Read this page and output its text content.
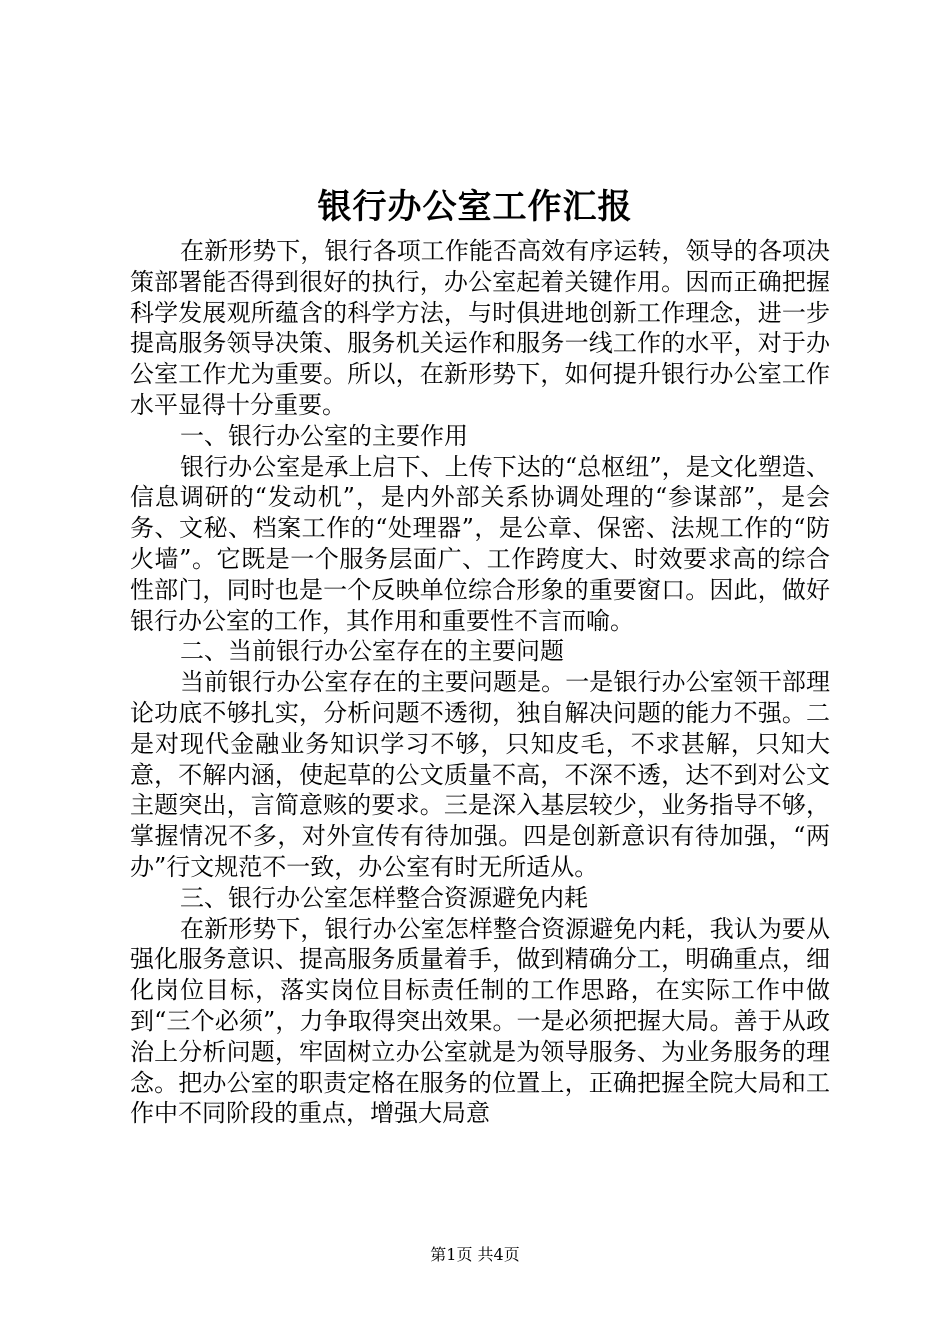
银行办公室工作汇报

在新形势下，银行各项工作能否高效有序运转，领导的各项决策部署能否得到很好的执行，办公室起着关键作用。因而正确把握科学发展观所蕴含的科学方法，与时俱进地创新工作理念，进一步提高服务领导决策、服务机关运作和服务一线工作的水平，对于办公室工作尤为重要。所以，在新形势下，如何提升银行办公室工作水平显得十分重要。

一、银行办公室的主要作用

银行办公室是承上启下、上传下达的“总枢纽”，是文化塑造、信息调研的“发动机”，是内外部关系协调处理的“参谋部”，是会务、文秘、档案工作的“处理器”，是公章、保密、法规工作的“防火墙”。它既是一个服务层面广、工作跨度大、时效要求高的综合性部门，同时也是一个反映单位综合形象的重要窗口。因此，做好银行办公室的工作，其作用和重要性不言而喻。

二、当前银行办公室存在的主要问题

当前银行办公室存在的主要问题是。一是银行办公室领干部理论功底不够扎实，分析问题不透彻，独自解决问题的能力不强。二是对现代金融业务知识学习不够，只知皮毛，不求甚解，只知大意，不解内涵，使起草的公文质量不高，不深不透，达不到对公文主题突出，言简意赅的要求。三是深入基层较少，业务指导不够，掌握情况不多，对外宣传有待加强。四是创新意识有待加强，“两办”行文规范不一致，办公室有时无所适从。

三、银行办公室怎样整合资源避免内耗

在新形势下，银行办公室怎样整合资源避免内耗，我认为要从强化服务意识、提高服务质量着手，做到精确分工，明确重点，细化岗位目标，落实岗位目标责任制的工作思路，在实际工作中做到“三个必须”，力争取得突出效果。一是必须把握大局。善于从政治上分析问题，牢固树立办公室就是为领导服务、为业务服务的理念。把办公室的职责定格在服务的位置上，正确把握全院大局和工作中不同阶段的重点，增强大局意

第1页 共4页
